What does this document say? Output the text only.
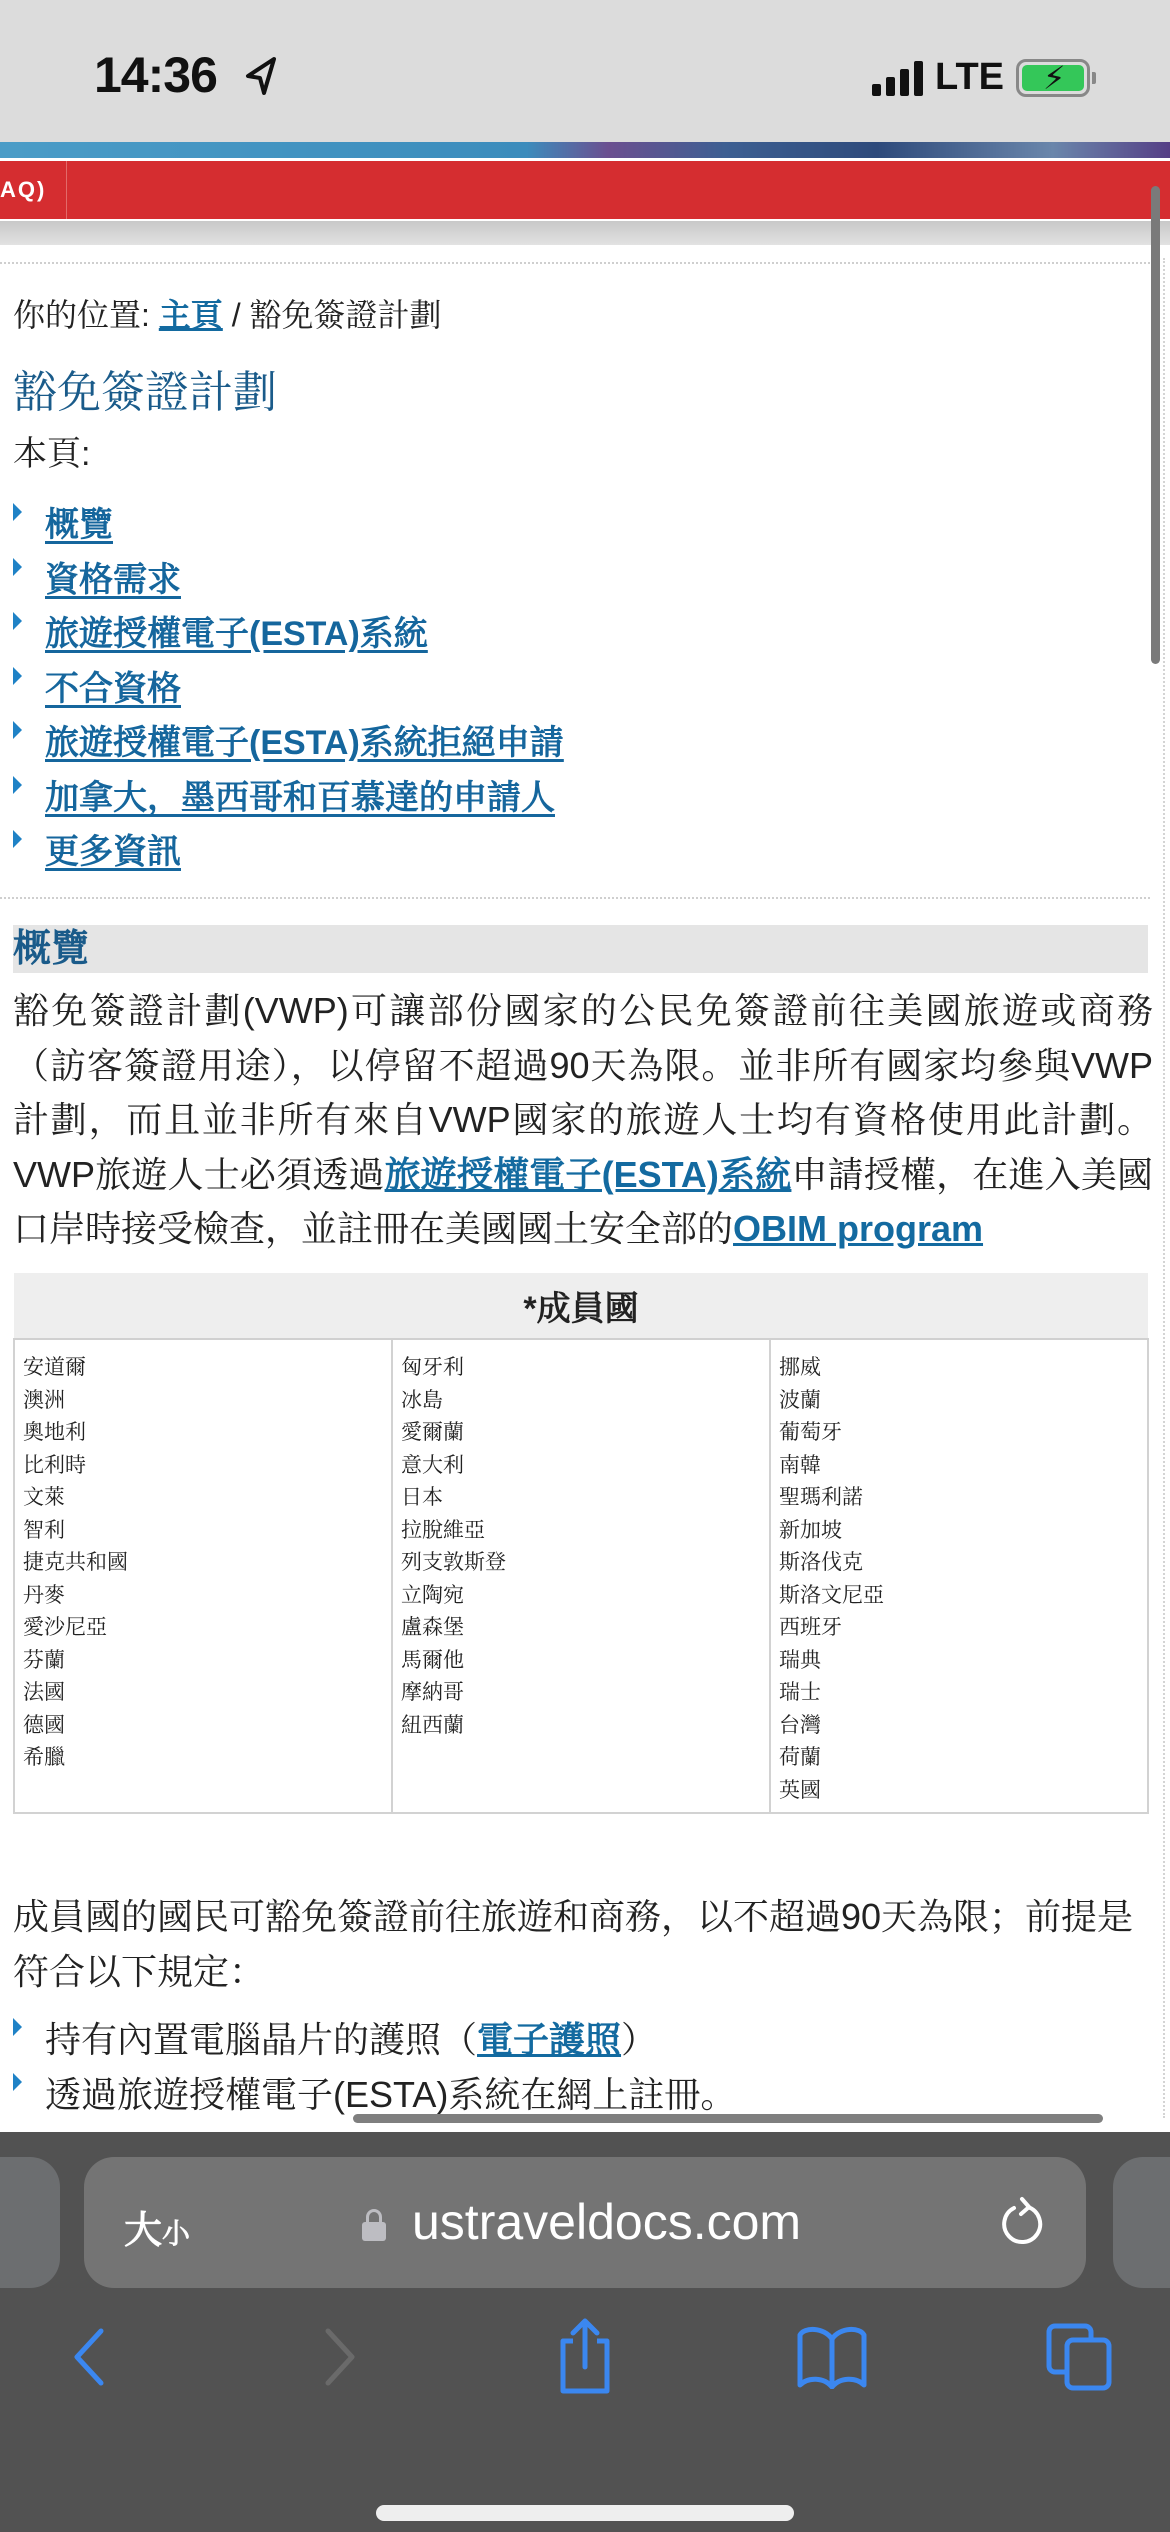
14:36	LTE ⚡
AQ)
你的位置: 主頁 / 豁免簽證計劃
豁免簽證計劃
本頁:
概覽
資格需求
旅遊授權電子(ESTA)系統
不合資格
旅遊授權電子(ESTA)系統拒絕申請
加拿大，墨西哥和百慕達的申請人
更多資訊
概覽

豁免簽證計劃(VWP)可讓部份國家的公民免簽證前往美國旅遊或商務（訪客簽證用途），以停留不超過90天為限。並非所有國家均參與VWP計劃，而且並非所有來自VWP國家的旅遊人士均有資格使用此計劃。VWP旅遊人士必須透過旅遊授權電子(ESTA)系統申請授權，在進入美國口岸時接受檢查，並註冊在美國國土安全部的OBIM program

*成員國

安道爾
澳洲
奧地利
比利時
文萊
智利
捷克共和國
丹麥
愛沙尼亞
芬蘭
法國
德國
希臘

匈牙利
冰島
愛爾蘭
意大利
日本
拉脫維亞
列支敦斯登
立陶宛
盧森堡
馬爾他
摩納哥
紐西蘭

挪威
波蘭
葡萄牙
南韓
聖瑪利諾
新加坡
斯洛伐克
斯洛文尼亞
西班牙
瑞典
瑞士
台灣
荷蘭
英國

成員國的國民可豁免簽證前往旅遊和商務，以不超過90天為限；前提是符合以下規定：

持有內置電腦晶片的護照（ 電子護照 ）
透過旅遊授權電子(ESTA)系統在網上註冊。
大小	ustraveldocs.com
